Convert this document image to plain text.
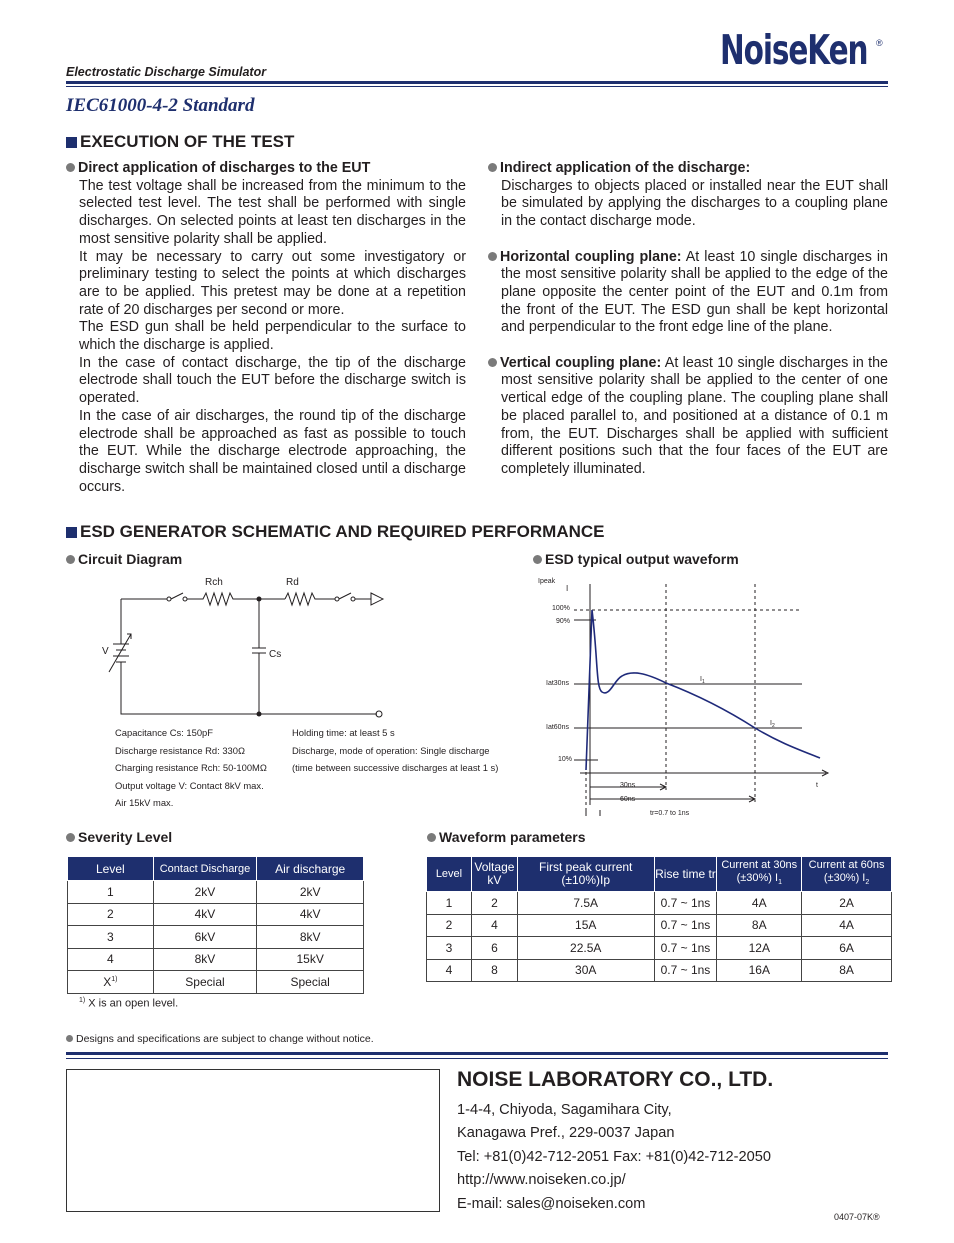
Electrostatic Discharge Simulator	NoiseKen ®
IEC61000-4-2 Standard
EXECUTION OF THE TEST

Direct application of discharges to the EUT

The test voltage shall be increased from the minimum to the selected test level. The test shall be performed with single discharges. On selected points at least ten discharges in the most sensitive polarity shall be applied.

It may be necessary to carry out some investigatory or preliminary testing to select the points at which discharges are to be applied. This pretest may be done at a repetition rate of 20 discharges per second or more.

The ESD gun shall be held perpendicular to the surface to which the discharge is applied.

In the case of contact discharge, the tip of the discharge electrode shall touch the EUT before the discharge switch is operated.

In the case of air discharges, the round tip of the discharge electrode shall be approached as fast as possible to touch the EUT. While the discharge electrode approaching, the discharge switch shall be maintained closed until a discharge occurs.

Indirect application of the discharge:

Discharges to objects placed or installed near the EUT shall be simulated by applying the discharges to a coupling plane in the contact discharge mode.

Horizontal coupling plane: At least 10 single discharges in the most sensitive polarity shall be applied to the edge of the plane opposite the center point of the EUT and 0.1m from the front of the EUT. The ESD gun shall be kept horizontal and perpendicular to the front edge line of the plane.

Vertical coupling plane: At least 10 single discharges in the most sensitive polarity shall be applied to the center of one vertical edge of the coupling plane. The coupling plane shall be placed parallel to, and positioned at a distance of 0.1 m from, the EUT. Discharges shall be applied with sufficient different positions such that the four faces of the EUT are completely illuminated.

ESD GENERATOR SCHEMATIC AND REQUIRED PERFORMANCE
Circuit Diagram
Rch	Rd
V	Cs
Capacitance Cs: 150pF
Discharge resistance Rd: 330Ω
Charging resistance Rch: 50-100MΩ
Output voltage V: Contact 8kV max.
Air 15kV max.
Holding time: at least 5 s
Discharge, mode of operation: Single discharge
(time between successive discharges at least 1 s)
ESD typical output waveform
Ipeak
I
100%
90%
Iat30ns
Iat60ns
10%
$I_1$
$I_2$
30ns
60ns
t
tr=0.7 to 1ns
Severity Level
Level	Contact Discharge	Air discharge
1	2kV	2kV
2	4kV	4kV
3	6kV	8kV
4	8kV	15kV
$X^{1)}$	Special	Special
$^{1)}$ X is an open level.
Waveform parameters
Level	Voltage kV	First peak current (±10%)Ip	Rise time tr	Current at 30ns (±30%) $I_1$	Current at 60ns (±30%) $I_2$
1	2	7.5A	0.7 ~ 1ns	4A	2A
2	4	15A	0.7 ~ 1ns	8A	4A
3	6	22.5A	0.7 ~ 1ns	12A	6A
4	8	30A	0.7 ~ 1ns	16A	8A
Designs and specifications are subject to change without notice.
NOISE LABORATORY CO., LTD.
1-4-4, Chiyoda, Sagamihara City,
Kanagawa Pref., 229-0037 Japan
Tel: +81(0)42-712-2051 Fax: +81(0)42-712-2050
http://www.noiseken.co.jp/
E-mail: sales@noiseken.com
0407-07K®
